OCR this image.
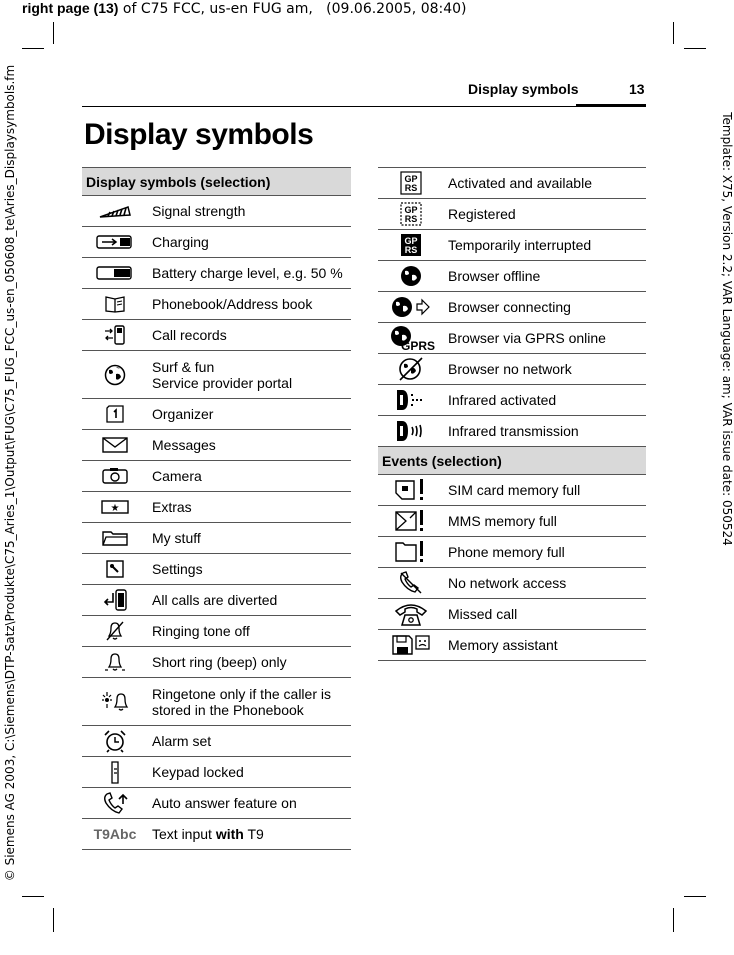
right page (13) of C75 FCC, us-en FUG am,   (09.06.2005, 08:40)
© Siemens AG 2003, C:\Siemens\DTP-Satz\Produkte\C75_Aries_1\Output\FUG\C75_FUG_FCC_us-en_050608_te\Aries_Displaysymbols.fm	Template: X75, Version 2.2; VAR Language: am; VAR issue date: 050524
Display symbols	13
Display symbols
Display symbols (selection)	

	Signal strength

	Charging

	Battery charge level, e.g. 50 %

	Phonebook/Address book

	Call records

	Surf & fun
Service provider portal

	Organizer

	Messages

	Camera

★	Extras

	My stuff

	Settings

	All calls are diverted

	Ringing tone off

	Short ring (beep) only

	Ringetone only if the caller is
stored in the Phonebook

	Alarm set

	Keypad locked

	Auto answer feature on
T9Abc	Text input with T9
GP
RS	Activated and available

GP
RS	Registered

GP
RS	Temporarily interrupted

	Browser offline

	Browser connecting

GPRS	Browser via GPRS online

	Browser no network

	Infrared activated

	Infrared transmission
Events (selection)	

	SIM card memory full

	MMS memory full

	Phone memory full

	No network access

	Missed call

	Memory assistant
